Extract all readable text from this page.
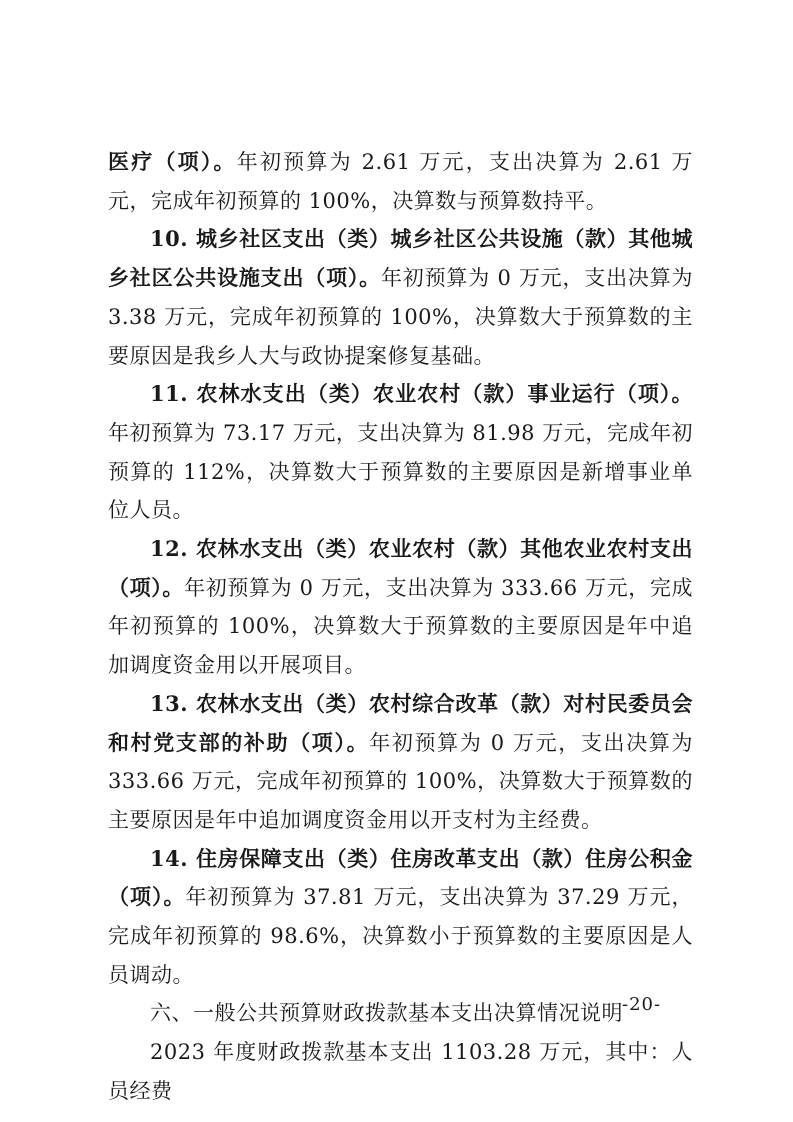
医疗（项）。年初预算为 2.61 万元，支出决算为 2.61 万元，完成年初预算的 100%，决算数与预算数持平。

10. 城乡社区支出（类）城乡社区公共设施（款）其他城乡社区公共设施支出（项）。年初预算为 0 万元，支出决算为 3.38 万元，完成年初预算的 100%，决算数大于预算数的主要原因是我乡人大与政协提案修复基础。

11. 农林水支出（类）农业农村（款）事业运行（项）。年初预算为 73.17 万元，支出决算为 81.98 万元，完成年初预算的 112%，决算数大于预算数的主要原因是新增事业单位人员。

12. 农林水支出（类）农业农村（款）其他农业农村支出（项）。年初预算为 0 万元，支出决算为 333.66 万元，完成年初预算的 100%，决算数大于预算数的主要原因是年中追加调度资金用以开展项目。

13. 农林水支出（类）农村综合改革（款）对村民委员会和村党支部的补助（项）。年初预算为 0 万元，支出决算为 333.66 万元，完成年初预算的 100%，决算数大于预算数的主要原因是年中追加调度资金用以开支村为主经费。

14. 住房保障支出（类）住房改革支出（款）住房公积金（项）。年初预算为 37.81 万元，支出决算为 37.29 万元，完成年初预算的 98.6%，决算数小于预算数的主要原因是人员调动。

六、一般公共预算财政拨款基本支出决算情况说明

2023 年度财政拨款基本支出 1103.28 万元，其中：人员经费

-20-
